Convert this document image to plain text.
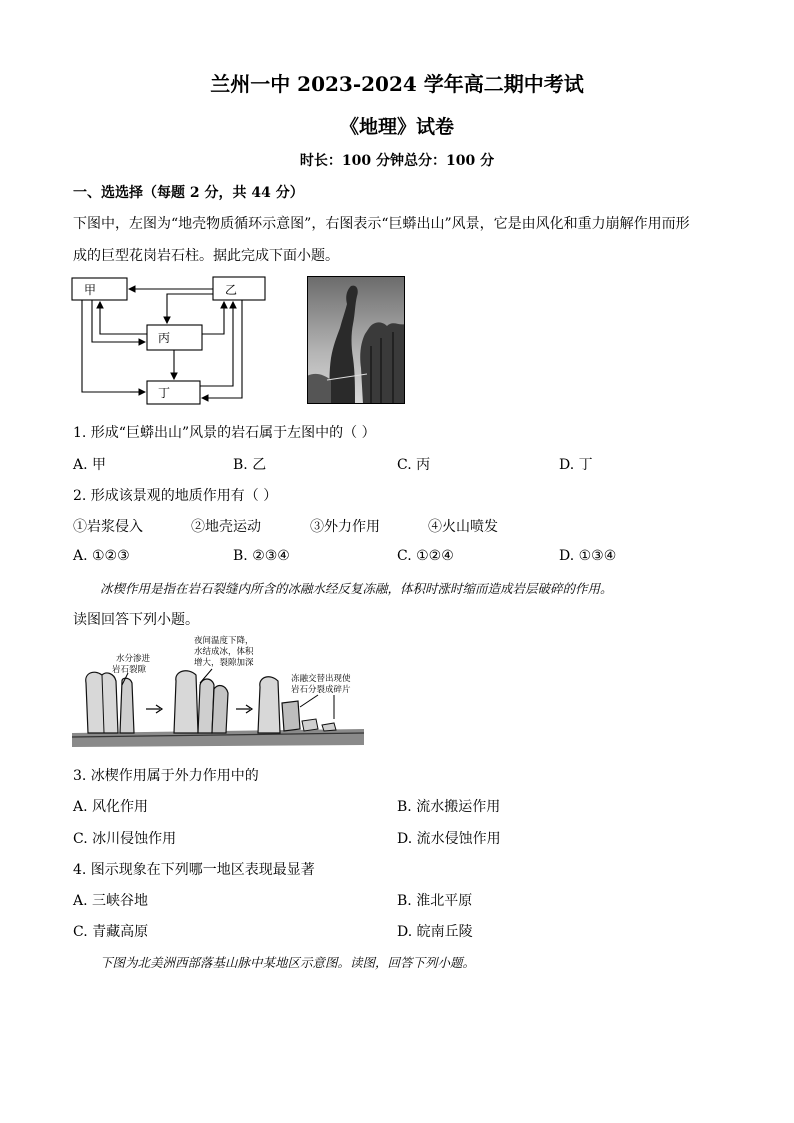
兰州一中 2023-2024 学年高二期中考试
《地理》试卷
时长：100 分钟总分：100 分
一、选选择（每题 2 分，共 44 分）
下图中，左图为“地壳物质循环示意图”，右图表示“巨蟒出山”风景，它是由风化和重力崩解作用而形
成的巨型花岗岩石柱。据此完成下面小题。
甲	乙
丙
丁
1. 形成“巨蟒出山”风景的岩石属于左图中的（ ）
A. 甲	B. 乙	C. 丙	D. 丁
2. 形成该景观的地质作用有（ ）
①岩浆侵入	②地壳运动	③外力作用	④火山喷发
A. ①②③	B. ②③④	C. ①②④	D. ①③④
冰楔作用是指在岩石裂缝内所含的冰融水经反复冻融，体积时涨时缩而造成岩层破碎的作用。
读图回答下列小题。
水分渗进
岩石裂隙
夜间温度下降，
水结成冰，体积
增大，裂隙加深
冻融交替出现使
岩石分裂成碎片
3. 冰楔作用属于外力作用中的
A. 风化作用	B. 流水搬运作用
C. 冰川侵蚀作用	D. 流水侵蚀作用
4. 图示现象在下列哪一地区表现最显著
A. 三峡谷地	B. 淮北平原
C. 青藏高原	D. 皖南丘陵
下图为北美洲西部落基山脉中某地区示意图。读图，回答下列小题。
